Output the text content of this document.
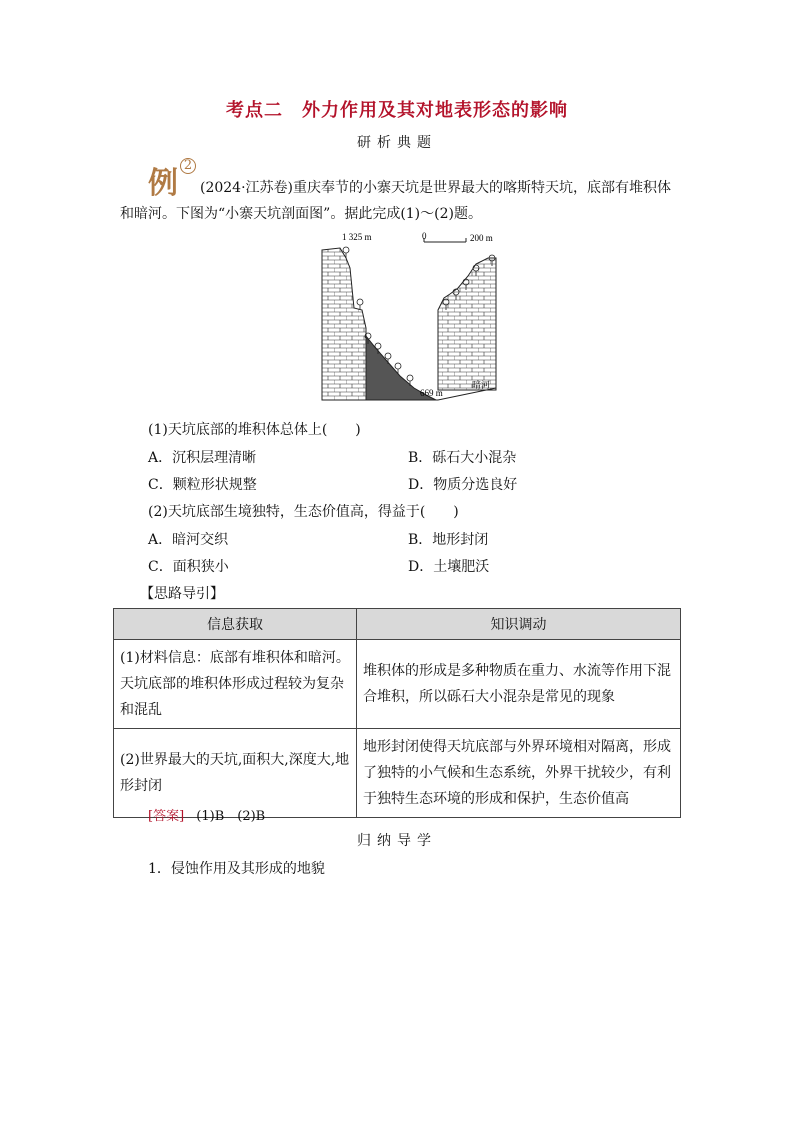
考点二　外力作用及其对地表形态的影响
研析典题
例
2
(2024·江苏卷)重庆奉节的小寨天坑是世界最大的喀斯特天坑，底部有堆积体
和暗河。下图为“小寨天坑剖面图”。据此完成(1)～(2)题。
1 325 m	0	200 m
669 m
暗河
(1)天坑底部的堆积体总体上(　　)
A．沉积层理清晰	B．砾石大小混杂
C．颗粒形状规整	D．物质分选良好
(2)天坑底部生境独特，生态价值高，得益于(　　)
A．暗河交织	B．地形封闭
C．面积狭小	D．土壤肥沃
【思路导引】
信息获取	知识调动
(1)材料信息：底部有堆积体和暗河。天坑底部的堆积体形成过程较为复杂和混乱	堆积体的形成是多种物质在重力、水流等作用下混合堆积，所以砾石大小混杂是常见的现象
(2)世界最大的天坑,面积大,深度大,地形封闭	地形封闭使得天坑底部与外界环境相对隔离，形成了独特的小气候和生态系统，外界干扰较少，有利于独特生态环境的形成和保护，生态价值高
[答案] (1)B　(2)B
归纳导学
1．侵蚀作用及其形成的地貌
